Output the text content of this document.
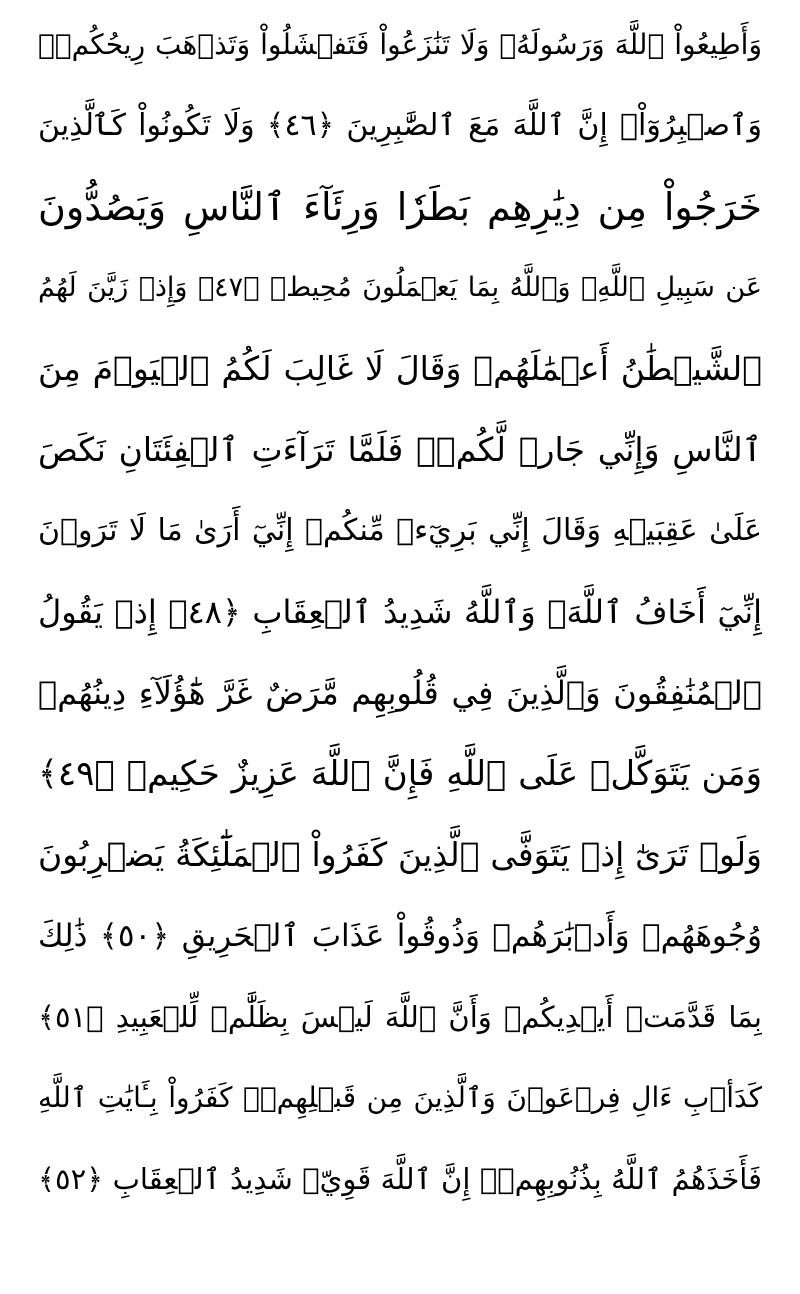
وَأَطِيعُواْ ٱللَّهَ وَرَسُولَهُۥ وَلَا تَنَٰزَعُواْ فَتَفۡشَلُواْ وَتَذۡهَبَ رِيحُكُمۡۖ
وَٱصۡبِرُوٓاْۚ إِنَّ ٱللَّهَ مَعَ ٱلصَّٰبِرِينَ ﴿٤٦﴾ وَلَا تَكُونُواْ كَٱلَّذِينَ
خَرَجُواْ مِن دِيَٰرِهِم بَطَرٗا وَرِئَآءَ ٱلنَّاسِ وَيَصُدُّونَ
عَن سَبِيلِ ٱللَّهِۚ وَٱللَّهُ بِمَا يَعۡمَلُونَ مُحِيطٞ ﴿٤٧﴾ وَإِذۡ زَيَّنَ لَهُمُ
ٱلشَّيۡطَٰنُ أَعۡمَٰلَهُمۡ وَقَالَ لَا غَالِبَ لَكُمُ ٱلۡيَوۡمَ مِنَ
ٱلنَّاسِ وَإِنِّي جَارٞ لَّكُمۡۖ فَلَمَّا تَرَآءَتِ ٱلۡفِئَتَانِ نَكَصَ
عَلَىٰ عَقِبَيۡهِ وَقَالَ إِنِّي بَرِيٓءٞ مِّنكُمۡ إِنِّيٓ أَرَىٰ مَا لَا تَرَوۡنَ
إِنِّيٓ أَخَافُ ٱللَّهَۚ وَٱللَّهُ شَدِيدُ ٱلۡعِقَابِ ﴿٤٨﴾ إِذۡ يَقُولُ
ٱلۡمُنَٰفِقُونَ وَٱلَّذِينَ فِي قُلُوبِهِم مَّرَضٌ غَرَّ هَٰٓؤُلَآءِ دِينُهُمۗ
وَمَن يَتَوَكَّلۡ عَلَى ٱللَّهِ فَإِنَّ ٱللَّهَ عَزِيزٌ حَكِيمٞ ﴿٤٩﴾
وَلَوۡ تَرَىٰٓ إِذۡ يَتَوَفَّى ٱلَّذِينَ كَفَرُواْ ٱلۡمَلَٰٓئِكَةُ يَضۡرِبُونَ
وُجُوهَهُمۡ وَأَدۡبَٰرَهُمۡ وَذُوقُواْ عَذَابَ ٱلۡحَرِيقِ ﴿٥٠﴾ ذَٰلِكَ
بِمَا قَدَّمَتۡ أَيۡدِيكُمۡ وَأَنَّ ٱللَّهَ لَيۡسَ بِظَلَّٰمٖ لِّلۡعَبِيدِ ﴿٥١﴾
كَدَأۡبِ ءَالِ فِرۡعَوۡنَ وَٱلَّذِينَ مِن قَبۡلِهِمۡۚ كَفَرُواْ بِـَٔايَٰتِ ٱللَّهِ
فَأَخَذَهُمُ ٱللَّهُ بِذُنُوبِهِمۡۚ إِنَّ ٱللَّهَ قَوِيّٞ شَدِيدُ ٱلۡعِقَابِ ﴿٥٢﴾
